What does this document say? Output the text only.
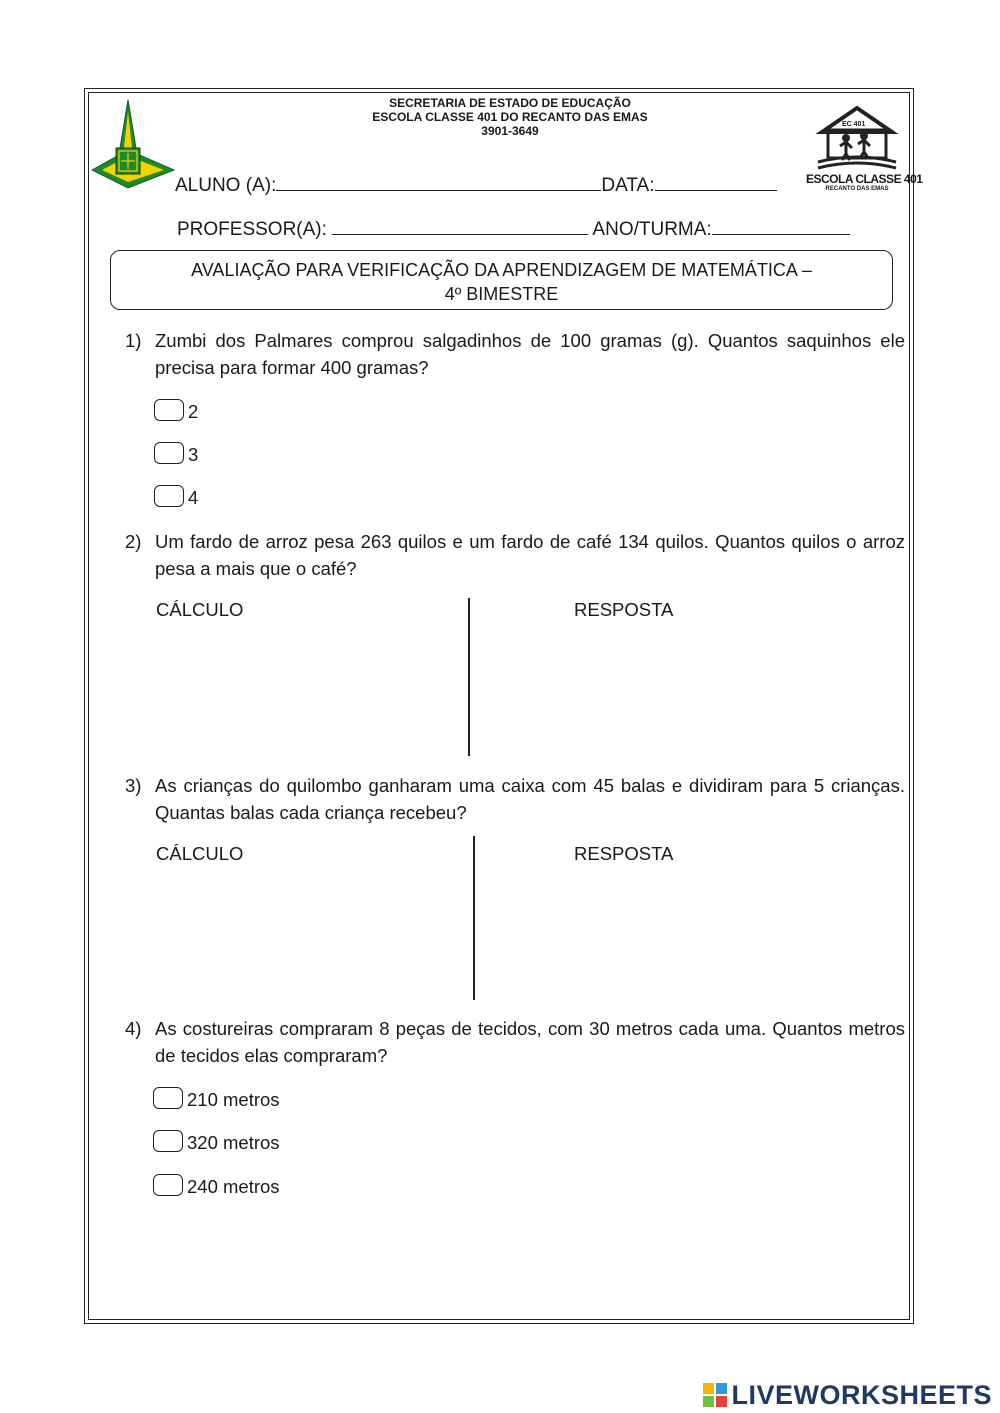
SECRETARIA DE ESTADO DE EDUCAÇÃO
ESCOLA CLASSE 401 DO RECANTO DAS EMAS
3901-3649	EC 401
ESCOLA CLASSE 401
RECANTO DAS EMAS
ALUNO (A):	DATA:
PROFESSOR(A):	ANO/TURMA:
AVALIAÇÃO PARA VERIFICAÇÃO DA APRENDIZAGEM DE MATEMÁTICA –
4º BIMESTRE
1) Zumbi dos Palmares comprou salgadinhos de 100 gramas (g). Quantos saquinhos ele precisa para formar 400 gramas?
2
3
4
2) Um fardo de arroz pesa 263 quilos e um fardo de café 134 quilos. Quantos quilos o arroz pesa a mais que o café?
CÁLCULO	RESPOSTA
3) As crianças do quilombo ganharam uma caixa com 45 balas e dividiram para 5 crianças. Quantas balas cada criança recebeu?
CÁLCULO	RESPOSTA
4) As costureiras compraram 8 peças de tecidos, com 30 metros cada uma. Quantos metros de tecidos elas compraram?
210 metros
320 metros
240 metros
LIVEWORKSHEETS
